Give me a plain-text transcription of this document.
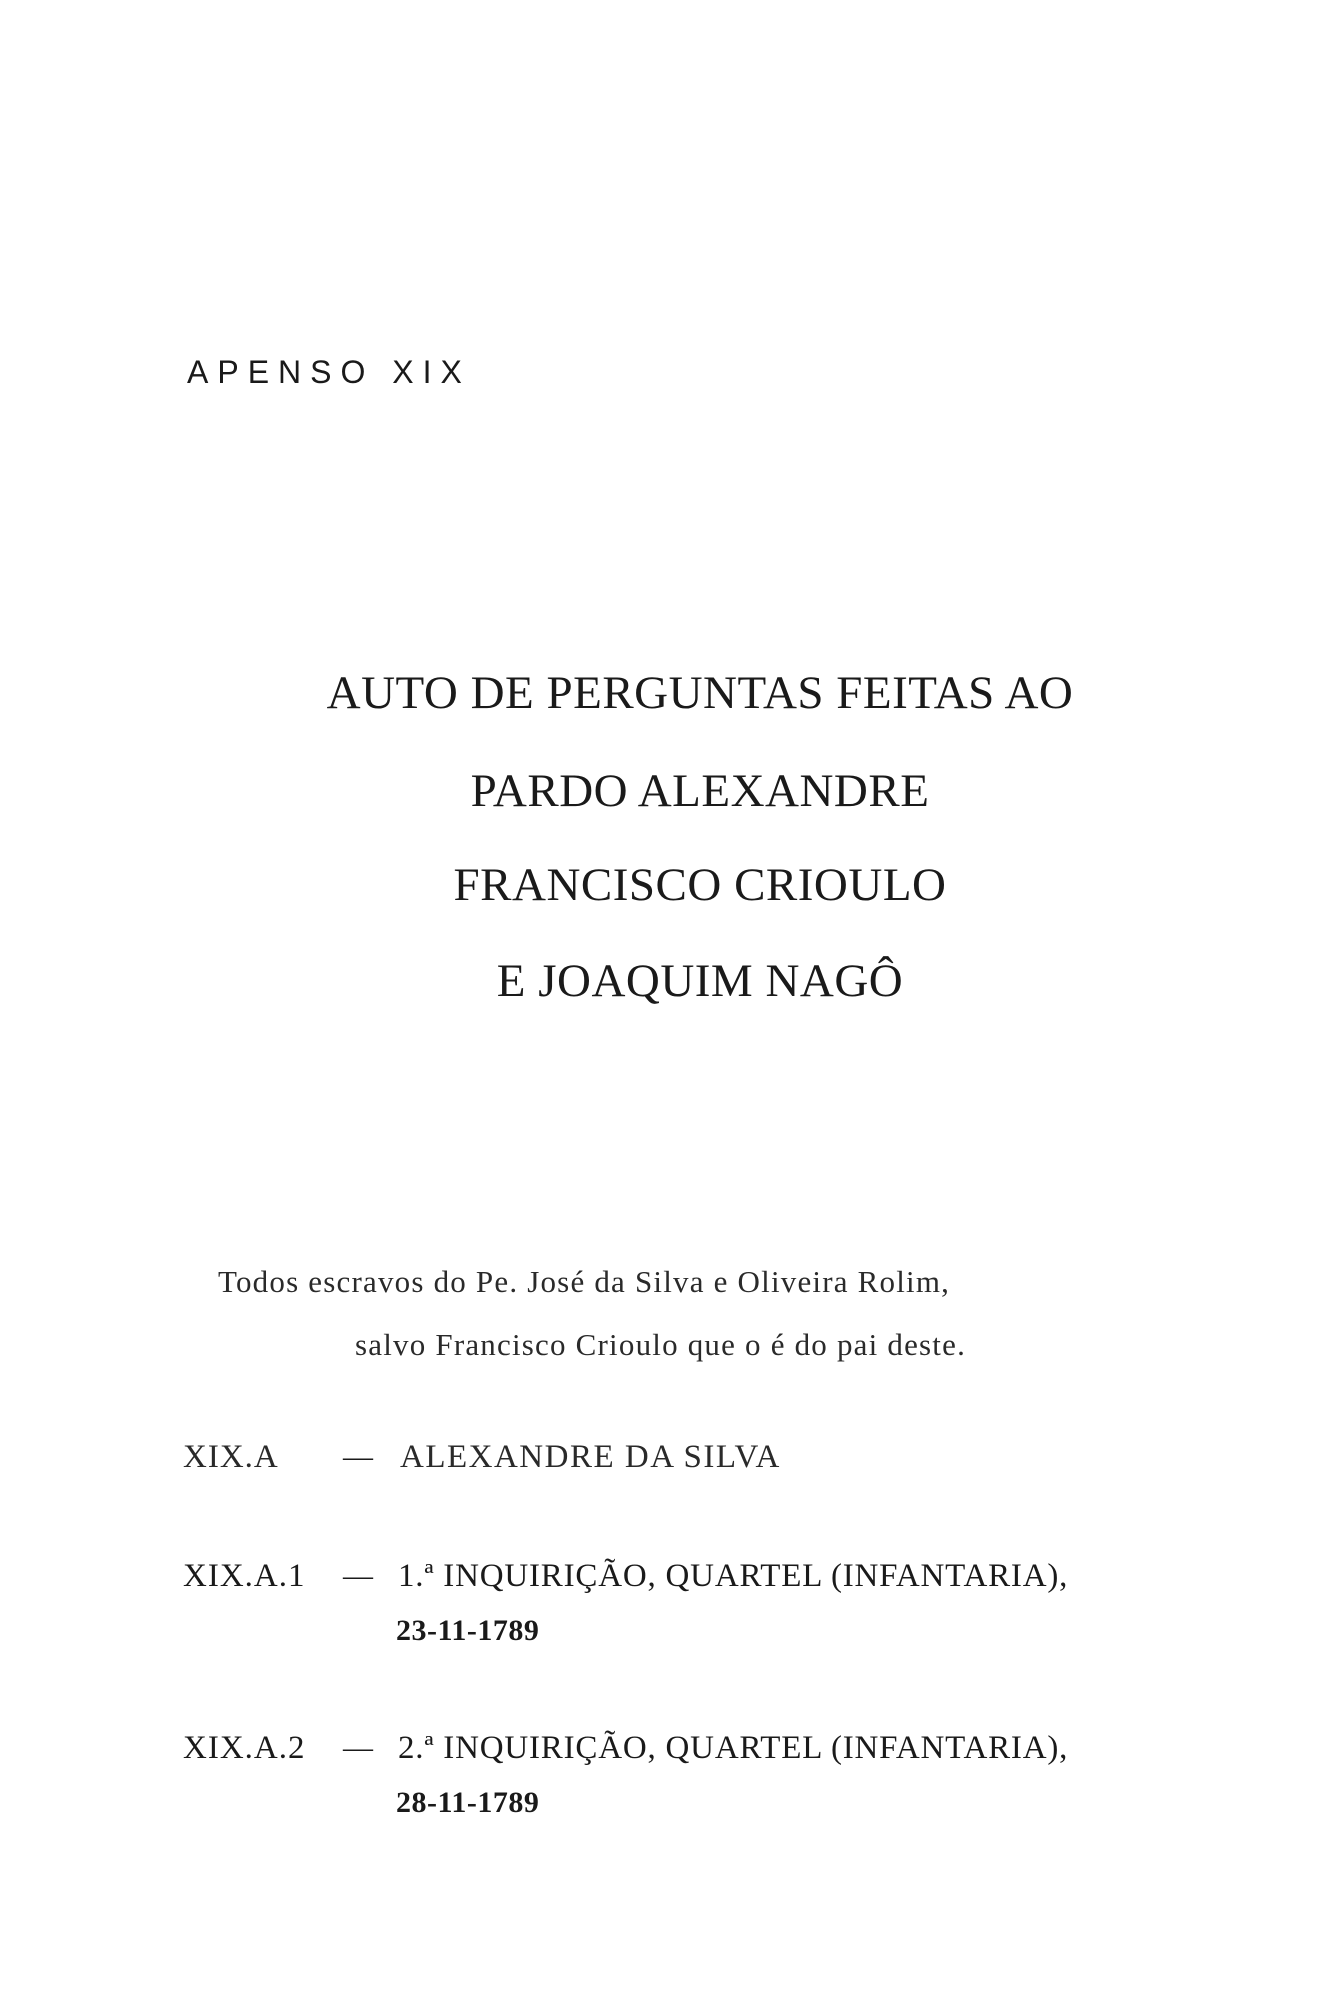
APENSO XIX
AUTO DE PERGUNTAS FEITAS AO
PARDO ALEXANDRE
FRANCISCO CRIOULO
E JOAQUIM NAGÔ
Todos escravos do Pe. José da Silva e Oliveira Rolim,
salvo Francisco Crioulo que o é do pai deste.
XIX.A — ALEXANDRE DA SILVA
XIX.A.1 — 1.ª INQUIRIÇÃO, QUARTEL (INFANTARIA),
23-11-1789
XIX.A.2 — 2.ª INQUIRIÇÃO, QUARTEL (INFANTARIA),
28-11-1789
